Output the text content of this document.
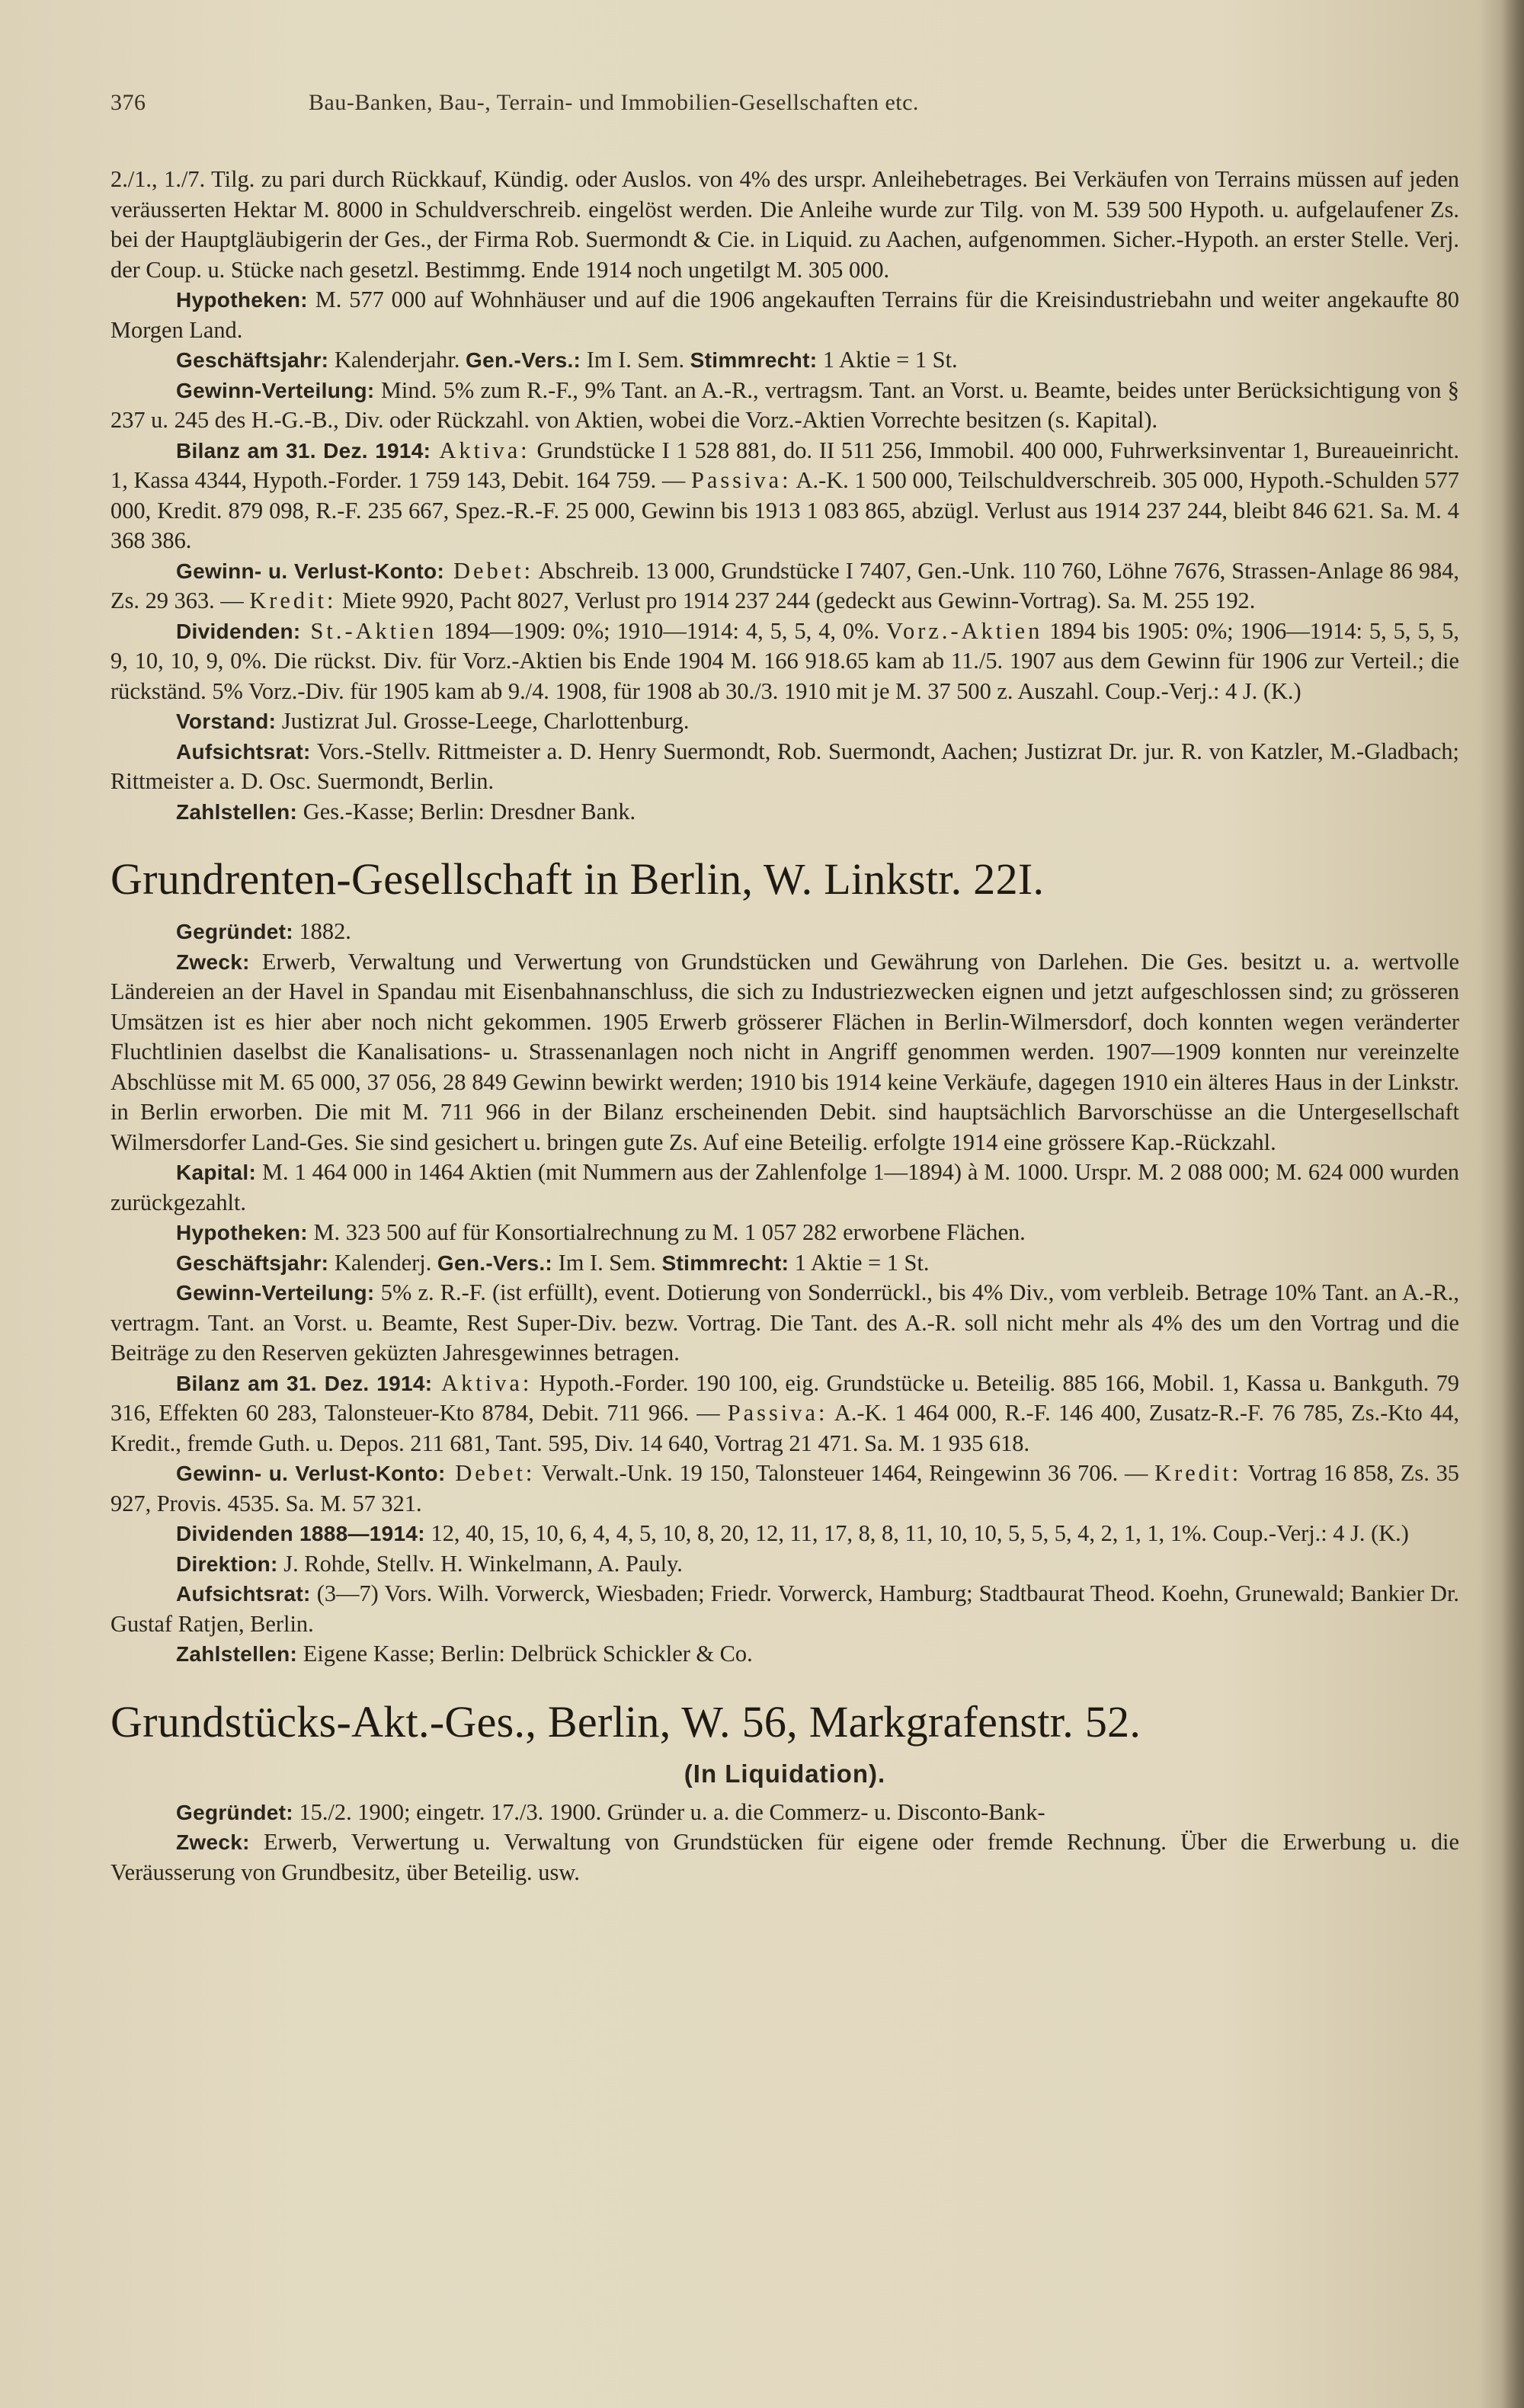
376	Bau-Banken, Bau-, Terrain- und Immobilien-Gesellschaften etc.

2./1., 1./7. Tilg. zu pari durch Rückkauf, Kündig. oder Auslos. von 4% des urspr. Anleihebetrages. Bei Verkäufen von Terrains müssen auf jeden veräusserten Hektar M. 8000 in Schuldverschreib. eingelöst werden. Die Anleihe wurde zur Tilg. von M. 539 500 Hypoth. u. aufgelaufener Zs. bei der Hauptgläubigerin der Ges., der Firma Rob. Suermondt & Cie. in Liquid. zu Aachen, aufgenommen. Sicher.-Hypoth. an erster Stelle. Verj. der Coup. u. Stücke nach gesetzl. Bestimmg. Ende 1914 noch ungetilgt M. 305 000.

Hypotheken: M. 577 000 auf Wohnhäuser und auf die 1906 angekauften Terrains für die Kreisindustriebahn und weiter angekaufte 80 Morgen Land.

Geschäftsjahr: Kalenderjahr. Gen.-Vers.: Im I. Sem. Stimmrecht: 1 Aktie = 1 St.

Gewinn-Verteilung: Mind. 5% zum R.-F., 9% Tant. an A.-R., vertragsm. Tant. an Vorst. u. Beamte, beides unter Berücksichtigung von § 237 u. 245 des H.-G.-B., Div. oder Rückzahl. von Aktien, wobei die Vorz.-Aktien Vorrechte besitzen (s. Kapital).

Bilanz am 31. Dez. 1914: Aktiva: Grundstücke I 1 528 881, do. II 511 256, Immobil. 400 000, Fuhrwerksinventar 1, Bureaueinricht. 1, Kassa 4344, Hypoth.-Forder. 1 759 143, Debit. 164 759. — Passiva: A.-K. 1 500 000, Teilschuldverschreib. 305 000, Hypoth.-Schulden 577 000, Kredit. 879 098, R.-F. 235 667, Spez.-R.-F. 25 000, Gewinn bis 1913 1 083 865, abzügl. Verlust aus 1914 237 244, bleibt 846 621. Sa. M. 4 368 386.

Gewinn- u. Verlust-Konto: Debet: Abschreib. 13 000, Grundstücke I 7407, Gen.-Unk. 110 760, Löhne 7676, Strassen-Anlage 86 984, Zs. 29 363. — Kredit: Miete 9920, Pacht 8027, Verlust pro 1914 237 244 (gedeckt aus Gewinn-Vortrag). Sa. M. 255 192.

Dividenden: St.-Aktien 1894—1909: 0%; 1910—1914: 4, 5, 5, 4, 0%. Vorz.-Aktien 1894 bis 1905: 0%; 1906—1914: 5, 5, 5, 5, 9, 10, 10, 9, 0%. Die rückst. Div. für Vorz.-Aktien bis Ende 1904 M. 166 918.65 kam ab 11./5. 1907 aus dem Gewinn für 1906 zur Verteil.; die rückständ. 5% Vorz.-Div. für 1905 kam ab 9./4. 1908, für 1908 ab 30./3. 1910 mit je M. 37 500 z. Auszahl. Coup.-Verj.: 4 J. (K.)

Vorstand: Justizrat Jul. Grosse-Leege, Charlottenburg.

Aufsichtsrat: Vors.-Stellv. Rittmeister a. D. Henry Suermondt, Rob. Suermondt, Aachen; Justizrat Dr. jur. R. von Katzler, M.-Gladbach; Rittmeister a. D. Osc. Suermondt, Berlin.

Zahlstellen: Ges.-Kasse; Berlin: Dresdner Bank.

Grundrenten-Gesellschaft in Berlin, W. Linkstr. 22I.

Gegründet: 1882.

Zweck: Erwerb, Verwaltung und Verwertung von Grundstücken und Gewährung von Darlehen. Die Ges. besitzt u. a. wertvolle Ländereien an der Havel in Spandau mit Eisenbahnanschluss, die sich zu Industriezwecken eignen und jetzt aufgeschlossen sind; zu grösseren Umsätzen ist es hier aber noch nicht gekommen. 1905 Erwerb grösserer Flächen in Berlin-Wilmersdorf, doch konnten wegen veränderter Fluchtlinien daselbst die Kanalisations- u. Strassenanlagen noch nicht in Angriff genommen werden. 1907—1909 konnten nur vereinzelte Abschlüsse mit M. 65 000, 37 056, 28 849 Gewinn bewirkt werden; 1910 bis 1914 keine Verkäufe, dagegen 1910 ein älteres Haus in der Linkstr. in Berlin erworben. Die mit M. 711 966 in der Bilanz erscheinenden Debit. sind hauptsächlich Barvorschüsse an die Untergesellschaft Wilmersdorfer Land-Ges. Sie sind gesichert u. bringen gute Zs. Auf eine Beteilig. erfolgte 1914 eine grössere Kap.-Rückzahl.

Kapital: M. 1 464 000 in 1464 Aktien (mit Nummern aus der Zahlenfolge 1—1894) à M. 1000. Urspr. M. 2 088 000; M. 624 000 wurden zurückgezahlt.

Hypotheken: M. 323 500 auf für Konsortialrechnung zu M. 1 057 282 erworbene Flächen.

Geschäftsjahr: Kalenderj. Gen.-Vers.: Im I. Sem. Stimmrecht: 1 Aktie = 1 St.

Gewinn-Verteilung: 5% z. R.-F. (ist erfüllt), event. Dotierung von Sonderrückl., bis 4% Div., vom verbleib. Betrage 10% Tant. an A.-R., vertragm. Tant. an Vorst. u. Beamte, Rest Super-Div. bezw. Vortrag. Die Tant. des A.-R. soll nicht mehr als 4% des um den Vortrag und die Beiträge zu den Reserven geküzten Jahresgewinnes betragen.

Bilanz am 31. Dez. 1914: Aktiva: Hypoth.-Forder. 190 100, eig. Grundstücke u. Beteilig. 885 166, Mobil. 1, Kassa u. Bankguth. 79 316, Effekten 60 283, Talonsteuer-Kto 8784, Debit. 711 966. — Passiva: A.-K. 1 464 000, R.-F. 146 400, Zusatz-R.-F. 76 785, Zs.-Kto 44, Kredit., fremde Guth. u. Depos. 211 681, Tant. 595, Div. 14 640, Vortrag 21 471. Sa. M. 1 935 618.

Gewinn- u. Verlust-Konto: Debet: Verwalt.-Unk. 19 150, Talonsteuer 1464, Reingewinn 36 706. — Kredit: Vortrag 16 858, Zs. 35 927, Provis. 4535. Sa. M. 57 321.

Dividenden 1888—1914: 12, 40, 15, 10, 6, 4, 4, 5, 10, 8, 20, 12, 11, 17, 8, 8, 11, 10, 10, 5, 5, 5, 4, 2, 1, 1, 1%. Coup.-Verj.: 4 J. (K.)

Direktion: J. Rohde, Stellv. H. Winkelmann, A. Pauly.

Aufsichtsrat: (3—7) Vors. Wilh. Vorwerck, Wiesbaden; Friedr. Vorwerck, Hamburg; Stadtbaurat Theod. Koehn, Grunewald; Bankier Dr. Gustaf Ratjen, Berlin.

Zahlstellen: Eigene Kasse; Berlin: Delbrück Schickler & Co.

Grundstücks-Akt.-Ges., Berlin, W. 56, Markgrafenstr. 52.
(In Liquidation).

Gegründet: 15./2. 1900; eingetr. 17./3. 1900. Gründer u. a. die Commerz- u. Disconto-Bank-

Zweck: Erwerb, Verwertung u. Verwaltung von Grundstücken für eigene oder fremde Rechnung. Über die Erwerbung u. die Veräusserung von Grundbesitz, über Beteilig. usw.
